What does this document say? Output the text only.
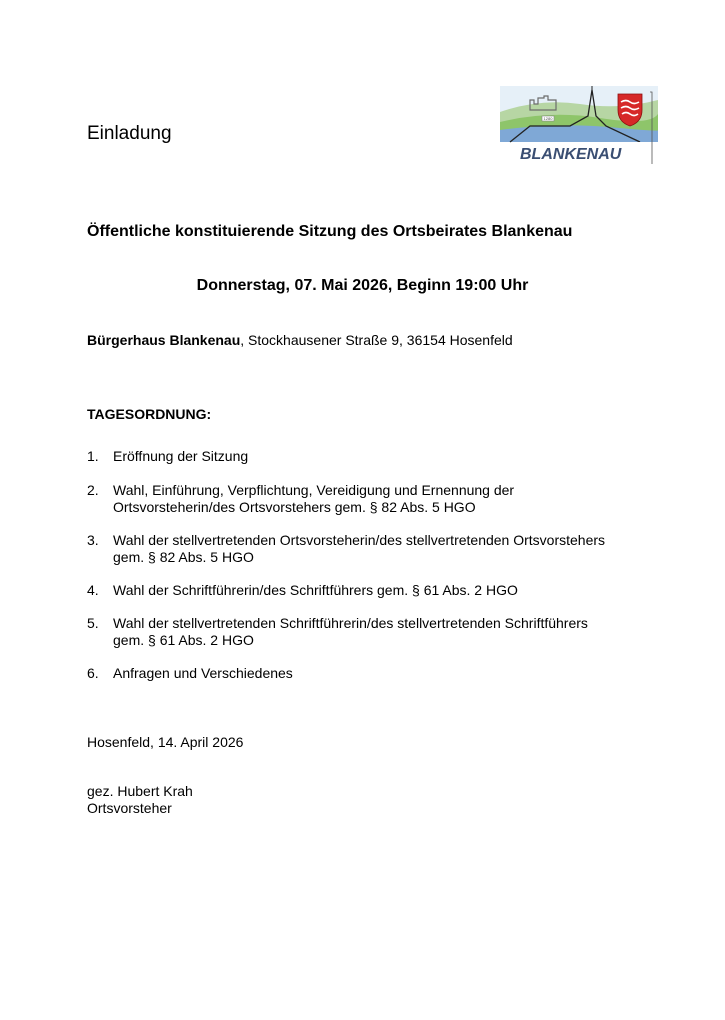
Einladung
1280
BLANKENAU
Öffentliche konstituierende Sitzung des Ortsbeirates Blankenau
Donnerstag, 07. Mai 2026, Beginn 19:00 Uhr
Bürgerhaus Blankenau, Stockhausener Straße 9, 36154 Hosenfeld
TAGESORDNUNG:
1. Eröffnung der Sitzung
2. Wahl, Einführung, Verpflichtung, Vereidigung und Ernennung der
Ortsvorsteherin/des Ortsvorstehers gem. § 82 Abs. 5 HGO
3. Wahl der stellvertretenden Ortsvorsteherin/des stellvertretenden Ortsvorstehers
gem. § 82 Abs. 5 HGO
4. Wahl der Schriftführerin/des Schriftführers gem. § 61 Abs. 2 HGO
5. Wahl der stellvertretenden Schriftführerin/des stellvertretenden Schriftführers
gem. § 61 Abs. 2 HGO
6. Anfragen und Verschiedenes
Hosenfeld, 14. April 2026
gez. Hubert Krah
Ortsvorsteher
